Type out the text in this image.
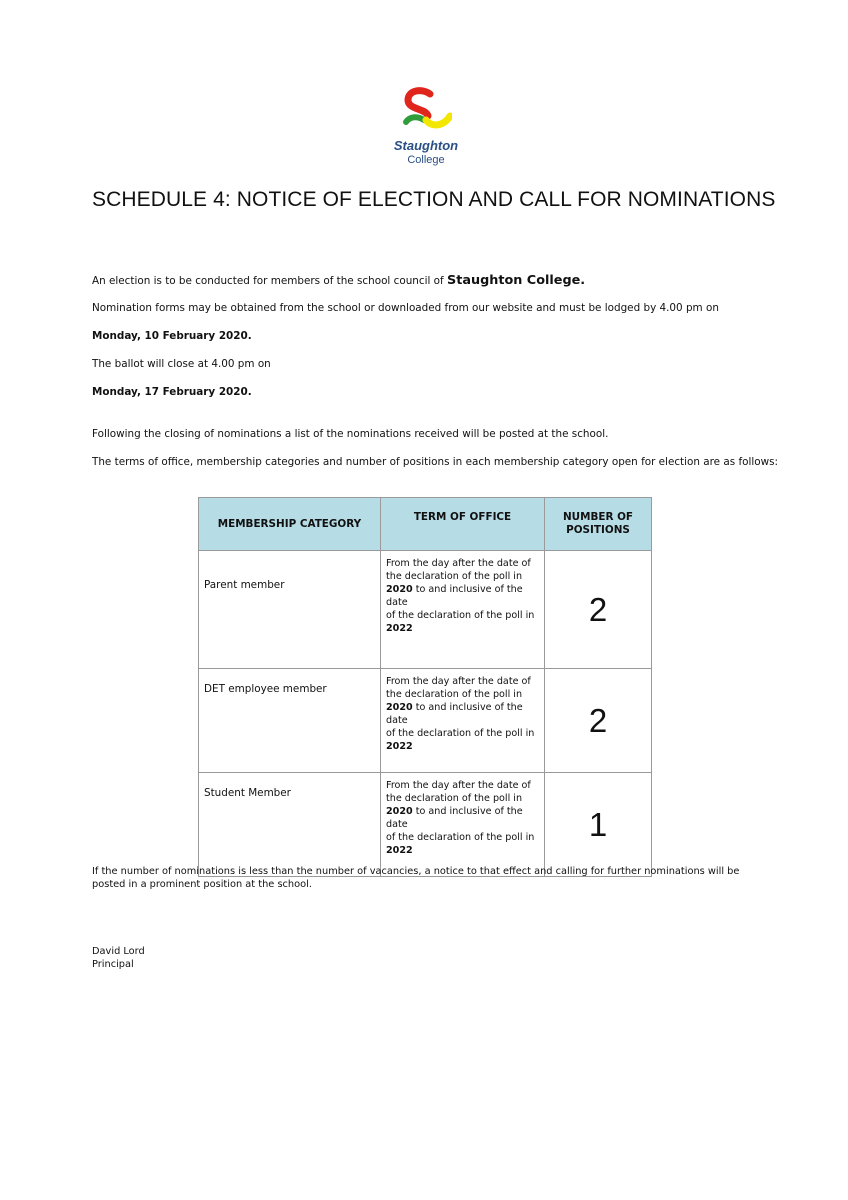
Staughton
College
SCHEDULE 4: NOTICE OF ELECTION AND CALL FOR NOMINATIONS
An election is to be conducted for members of the school council of Staughton College.
Nomination forms may be obtained from the school or downloaded from our website and must be lodged by 4.00 pm on
Monday, 10 February 2020.
The ballot will close at 4.00 pm on
Monday, 17 February 2020.
Following the closing of nominations a list of the nominations received will be posted at the school.
The terms of office, membership categories and number of positions in each membership category open for election are as follows:
MEMBERSHIP CATEGORY	TERM OF OFFICE	NUMBER OF
POSITIONS
Parent member	From the day after the date of
the declaration of the poll in
2020 to and inclusive of the date
of the declaration of the poll in
2022	2
DET employee member	From the day after the date of
the declaration of the poll in
2020 to and inclusive of the date
of the declaration of the poll in
2022	2
Student Member	From the day after the date of
the declaration of the poll in
2020 to and inclusive of the date
of the declaration of the poll in
2022	1
If the number of nominations is less than the number of vacancies, a notice to that effect and calling for further nominations will be posted in a prominent position at the school.
David Lord
Principal
